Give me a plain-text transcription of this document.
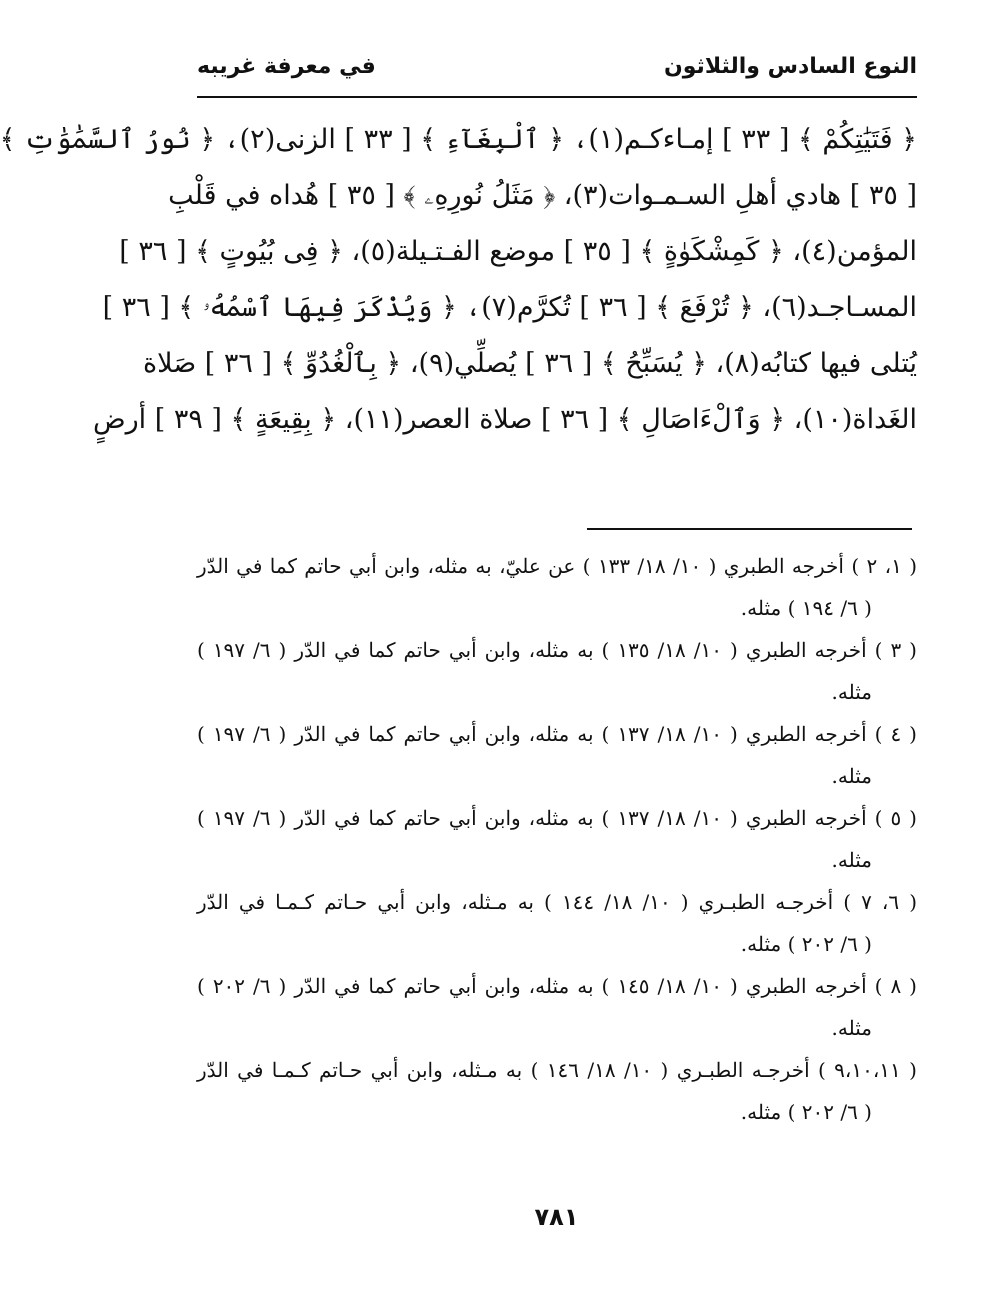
النوع السادس والثلاثون
في معرفة غريبه
﴿ فَتَيَٰتِكُمْ ﴾ [ ٣٣ ] إمـاءكـم(١)، ﴿ ٱلْبِغَآءِ ﴾ [ ٣٣ ] الزنى(٢)، ﴿ نُورُ ٱلسَّمَٰوَٰتِ ﴾
[ ٣٥ ] هادي أهلِ السـمـوات(٣)، ﴿ مَثَلُ نُورِهِۦ ﴾ [ ٣٥ ] هُداه في قَلْبِ
المؤمن(٤)، ﴿ كَمِشْكَوٰةٍ ﴾ [ ٣٥ ] موضع الفـتـيلة(٥)، ﴿ فِى بُيُوتٍ ﴾ [ ٣٦ ]
المسـاجـد(٦)، ﴿ تُرْفَعَ ﴾ [ ٣٦ ] تُكرَّم(٧)، ﴿ وَيُذْكَرَ فِيهَا ٱسْمُهُۥ ﴾ [ ٣٦ ]
يُتلى فيها كتابُه(٨)، ﴿ يُسَبِّحُ ﴾ [ ٣٦ ] يُصلِّي(٩)، ﴿ بِٱلْغُدُوِّ ﴾ [ ٣٦ ] صَلاة
الغَداة(١٠)، ﴿ وَٱلْءَاصَالِ ﴾ [ ٣٦ ] صلاة العصر(١١)، ﴿ بِقِيعَةٍ ﴾ [ ٣٩ ] أرضٍ
( ١، ٢ ) أخرجه الطبري ( ١٠/ ١٨/ ١٣٣ ) عن عليّ، به مثله، وابن أبي حاتم كما في الدّر
( ٦/ ١٩٤ ) مثله.
( ٣ ) أخرجه الطبري ( ١٠/ ١٨/ ١٣٥ ) به مثله، وابن أبي حاتم كما في الدّر ( ٦/ ١٩٧ )
مثله.
( ٤ ) أخرجه الطبري ( ١٠/ ١٨/ ١٣٧ ) به مثله، وابن أبي حاتم كما في الدّر ( ٦/ ١٩٧ )
مثله.
( ٥ ) أخرجه الطبري ( ١٠/ ١٨/ ١٣٧ ) به مثله، وابن أبي حاتم كما في الدّر ( ٦/ ١٩٧ )
مثله.
( ٦، ٧ ) أخرجـه الطبـري ( ١٠/ ١٨/ ١٤٤ ) به مـثله، وابن أبي حـاتم كـمـا في الدّر
( ٦/ ٢٠٢ ) مثله.
( ٨ ) أخرجه الطبري ( ١٠/ ١٨/ ١٤٥ ) به مثله، وابن أبي حاتم كما في الدّر ( ٦/ ٢٠٢ )
مثله.
( ٩،١٠،١١ ) أخرجـه الطبـري ( ١٠/ ١٨/ ١٤٦ ) به مـثله، وابن أبي حـاتم كـمـا في الدّر
( ٦/ ٢٠٢ ) مثله.
٧٨١
